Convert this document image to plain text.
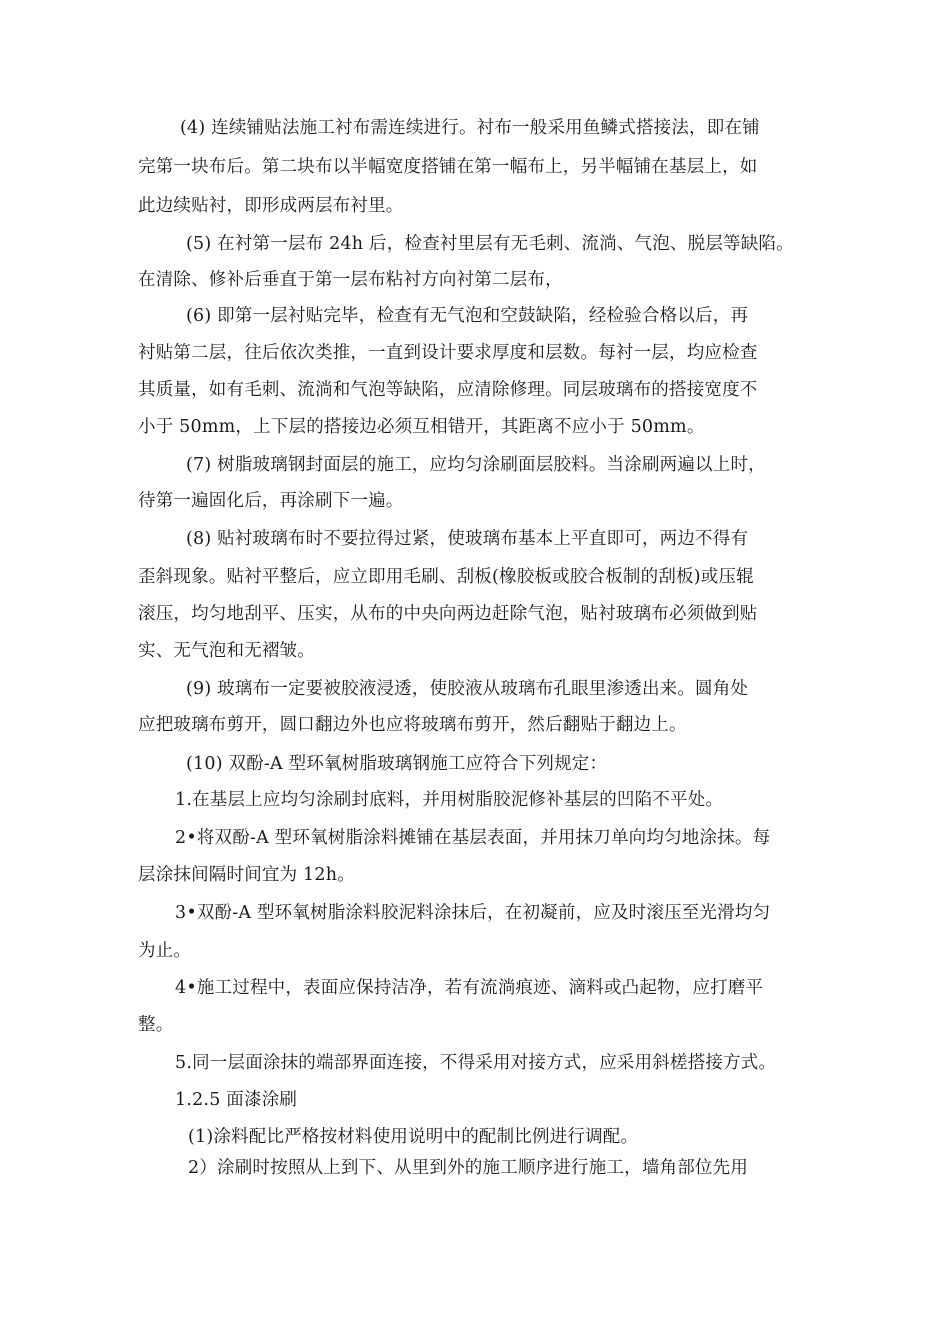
(4) 连续铺贴法施工衬布需连续进行。衬布一般采用鱼鳞式搭接法，即在铺
完第一块布后。第二块布以半幅宽度搭铺在第一幅布上，另半幅铺在基层上，如
此边续贴衬，即形成两层布衬里。
(5) 在衬第一层布 24h 后，检查衬里层有无毛刺、流淌、气泡、脱层等缺陷。
在清除、修补后垂直于第一层布粘衬方向衬第二层布，
(6) 即第一层衬贴完毕，检查有无气泡和空鼓缺陷，经检验合格以后，再
衬贴第二层，往后依次类推，一直到设计要求厚度和层数。每衬一层，均应检查
其质量，如有毛刺、流淌和气泡等缺陷，应清除修理。同层玻璃布的搭接宽度不
小于 50mm，上下层的搭接边必须互相错开，其距离不应小于 50mm。
(7) 树脂玻璃钢封面层的施工，应均匀涂刷面层胶料。当涂刷两遍以上时，
待第一遍固化后，再涂刷下一遍。
(8) 贴衬玻璃布时不要拉得过紧，使玻璃布基本上平直即可，两边不得有
歪斜现象。贴衬平整后，应立即用毛刷、刮板(橡胶板或胶合板制的刮板)或压辊
滚压，均匀地刮平、压实，从布的中央向两边赶除气泡，贴衬玻璃布必须做到贴
实、无气泡和无褶皱。
(9) 玻璃布一定要被胶液浸透，使胶液从玻璃布孔眼里渗透出来。圆角处
应把玻璃布剪开，圆口翻边外也应将玻璃布剪开，然后翻贴于翻边上。
(10) 双酚-A 型环氧树脂玻璃钢施工应符合下列规定：
1.在基层上应均匀涂刷封底料，并用树脂胶泥修补基层的凹陷不平处。
2•将双酚-A 型环氧树脂涂料摊铺在基层表面，并用抹刀单向均匀地涂抹。每
层涂抹间隔时间宜为 12h。
3•双酚-A 型环氧树脂涂料胶泥料涂抹后，在初凝前，应及时滚压至光滑均匀
为止。
4•施工过程中，表面应保持洁净，若有流淌痕迹、滴料或凸起物，应打磨平
整。
5.同一层面涂抹的端部界面连接，不得采用对接方式，应采用斜槎搭接方式。
1.2.5 面漆涂刷
(1)涂料配比严格按材料使用说明中的配制比例进行调配。
2）涂刷时按照从上到下、从里到外的施工顺序进行施工，墙角部位先用
